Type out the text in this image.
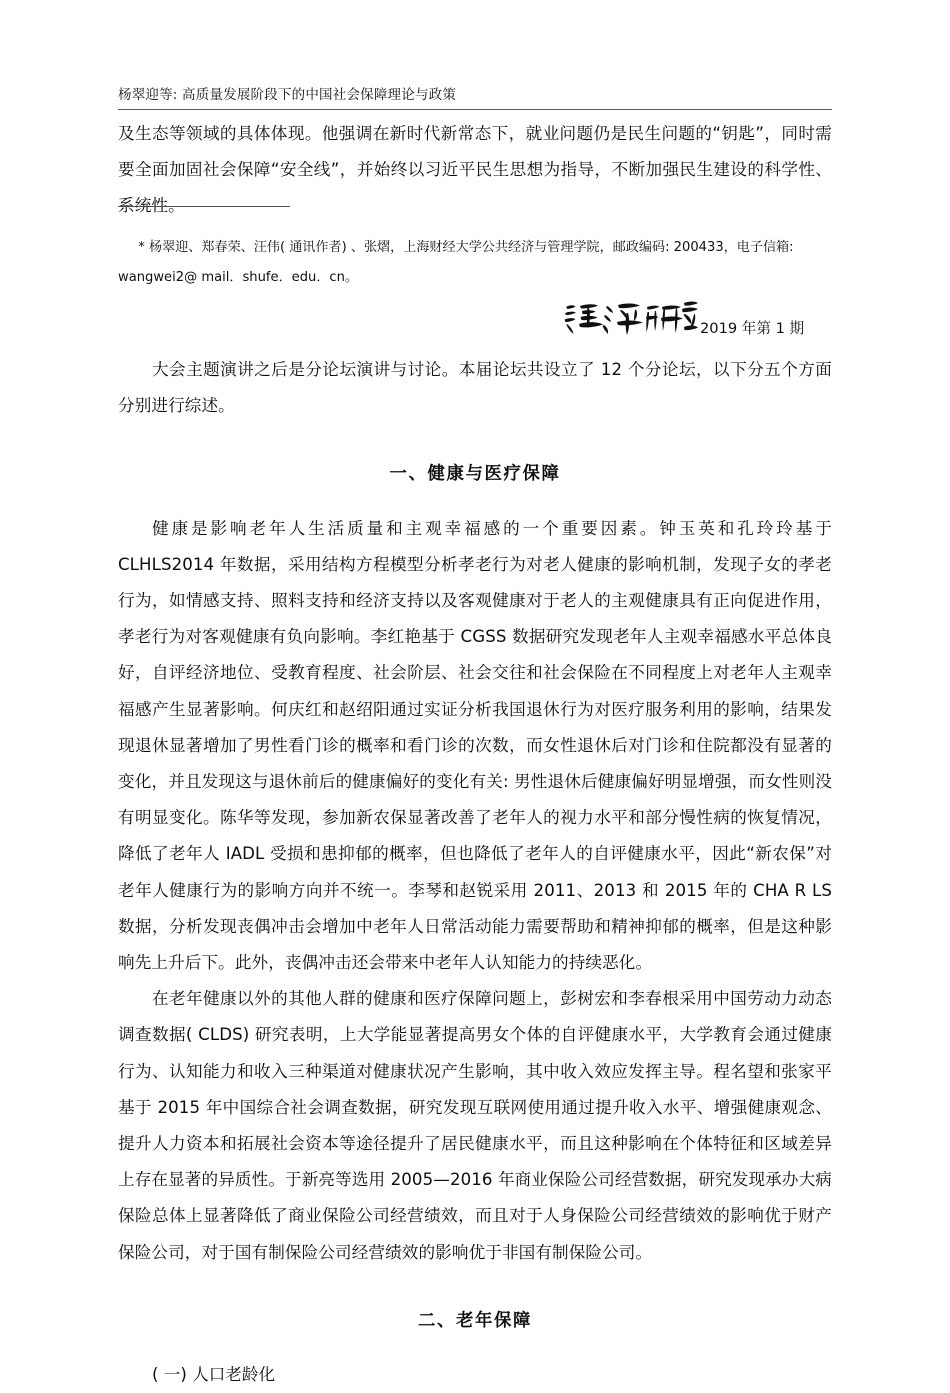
杨翠迎等: 高质量发展阶段下的中国社会保障理论与政策

及生态等领域的具体体现。他强调在新时代新常态下，就业问题仍是民生问题的“钥匙”，同时需要全面加固社会保障“安全线”，并始终以习近平民生思想为指导，不断加强民生建设的科学性、系统性。

* 杨翠迎、郑春荣、汪伟( 通讯作者) 、张熠，上海财经大学公共经济与管理学院，邮政编码: 200433，电子信箱:

wangwei2@ mail．shufe．edu．cn。

2019 年第 1 期

大会主题演讲之后是分论坛演讲与讨论。本届论坛共设立了 12 个分论坛，以下分五个方面分别进行综述。

一、健康与医疗保障

健康是影响老年人生活质量和主观幸福感的一个重要因素。钟玉英和孔玲玲基于 CLHLS2014 年数据，采用结构方程模型分析孝老行为对老人健康的影响机制，发现子女的孝老行为，如情感支持、照料支持和经济支持以及客观健康对于老人的主观健康具有正向促进作用，孝老行为对客观健康有负向影响。李红艳基于 CGSS 数据研究发现老年人主观幸福感水平总体良好，自评经济地位、受教育程度、社会阶层、社会交往和社会保险在不同程度上对老年人主观幸福感产生显著影响。何庆红和赵绍阳通过实证分析我国退休行为对医疗服务利用的影响，结果发现退休显著增加了男性看门诊的概率和看门诊的次数，而女性退休后对门诊和住院都没有显著的变化，并且发现这与退休前后的健康偏好的变化有关: 男性退休后健康偏好明显增强，而女性则没有明显变化。陈华等发现，参加新农保显著改善了老年人的视力水平和部分慢性病的恢复情况，降低了老年人 IADL 受损和患抑郁的概率，但也降低了老年人的自评健康水平，因此“新农保”对老年人健康行为的影响方向并不统一。李琴和赵锐采用 2011、2013 和 2015 年的 CHA R LS 数据，分析发现丧偶冲击会增加中老年人日常活动能力需要帮助和精神抑郁的概率，但是这种影响先上升后下。此外，丧偶冲击还会带来中老年人认知能力的持续恶化。

在老年健康以外的其他人群的健康和医疗保障问题上，彭树宏和李春根采用中国劳动力动态调查数据( CLDS) 研究表明，上大学能显著提高男女个体的自评健康水平，大学教育会通过健康行为、认知能力和收入三种渠道对健康状况产生影响，其中收入效应发挥主导。程名望和张家平基于 2015 年中国综合社会调查数据，研究发现互联网使用通过提升收入水平、增强健康观念、提升人力资本和拓展社会资本等途径提升了居民健康水平，而且这种影响在个体特征和区域差异上存在显著的异质性。于新亮等选用 2005—2016 年商业保险公司经营数据，研究发现承办大病保险总体上显著降低了商业保险公司经营绩效，而且对于人身保险公司经营绩效的影响优于财产保险公司，对于国有制保险公司经营绩效的影响优于非国有制保险公司。

二、老年保障
( 一) 人口老龄化
